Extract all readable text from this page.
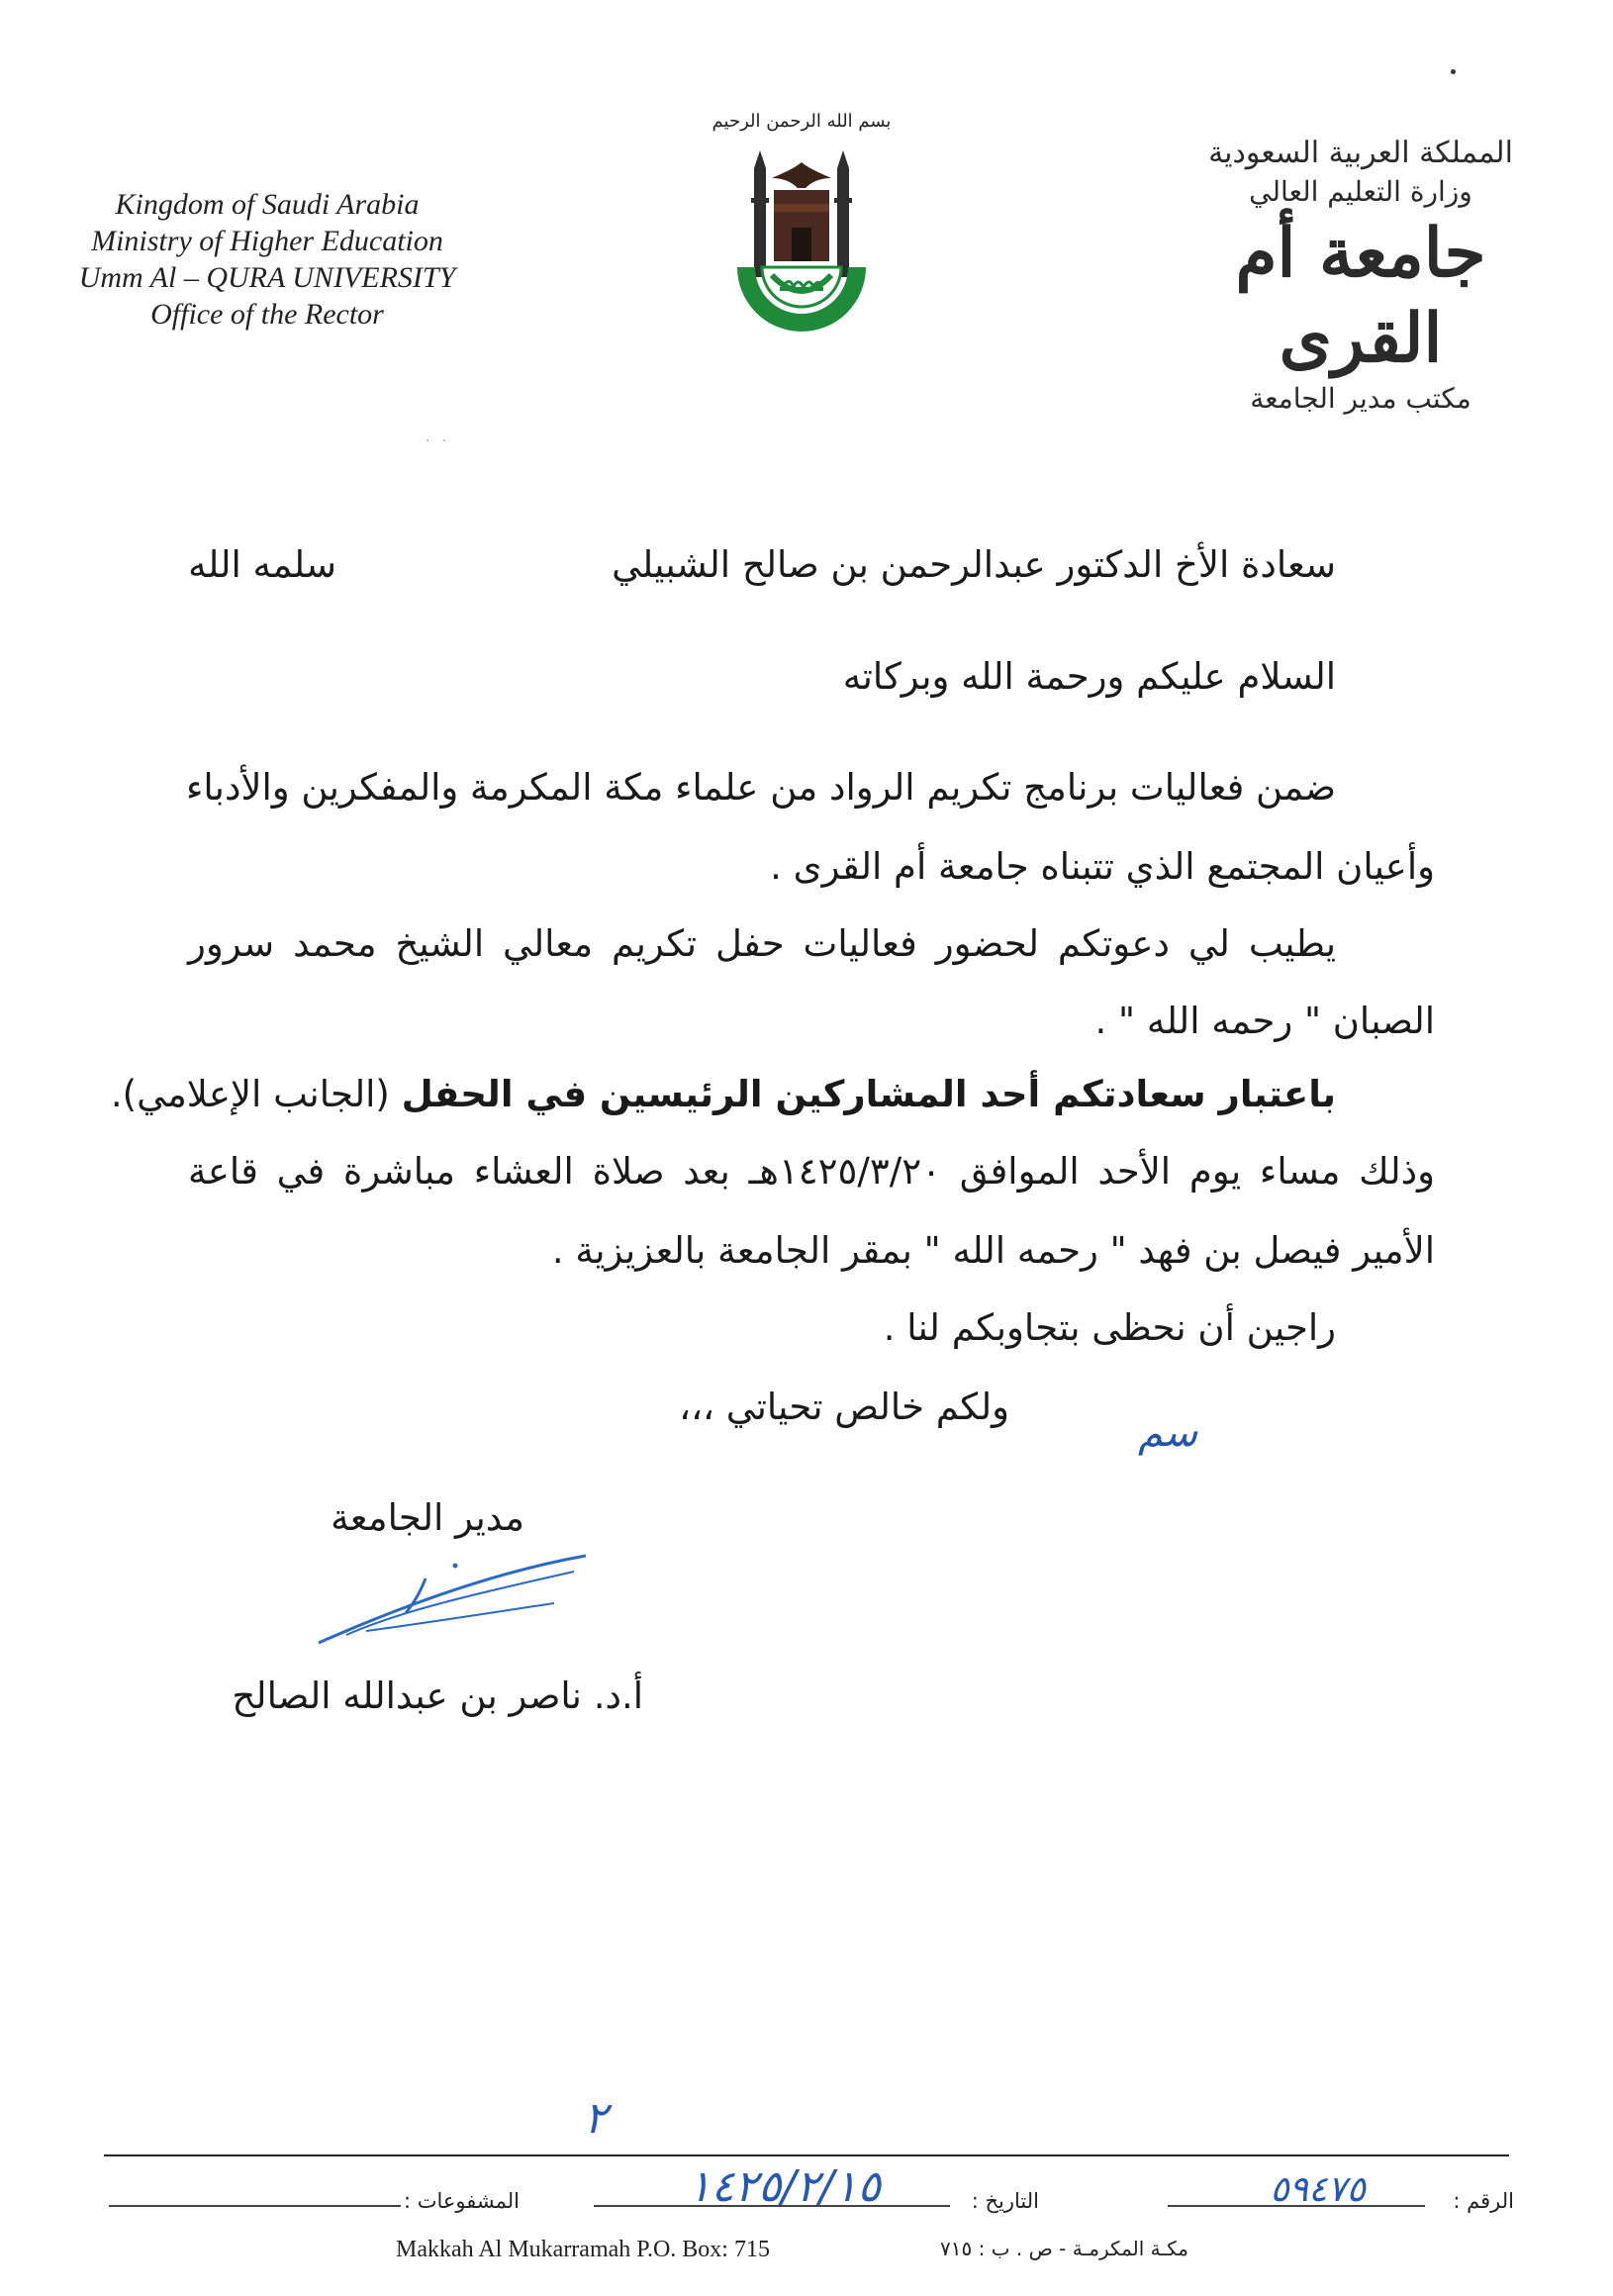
Kingdom of Saudi Arabia
Ministry of Higher Education
Umm Al – QURA UNIVERSITY
Office of the Rector
بسم الله الرحمن الرحيم
المملكة العربية السعودية
وزارة التعليم العالي
جامعة أم القرى
مكتب مدير الجامعة
· ·
سعادة الأخ الدكتور عبدالرحمن بن صالح الشبيلي
سلمه الله
السلام عليكم ورحمة الله وبركاته
ضمن فعاليات برنامج تكريم الرواد من علماء مكة المكرمة والمفكرين والأدباء
وأعيان المجتمع الذي تتبناه جامعة أم القرى .
يطيب لي دعوتكم لحضور فعاليات حفل تكريم معالي الشيخ محمد سرور
الصبان " رحمه الله " .
باعتبار سعادتكم أحد المشاركين الرئيسين في الحفل (الجانب الإعلامي).
وذلك مساء يوم الأحد الموافق ١٤٢٥/٣/٢٠هـ بعد صلاة العشاء مباشرة في قاعة
الأمير فيصل بن فهد " رحمه الله " بمقر الجامعة بالعزيزية .
راجين أن نحظى بتجاوبكم لنا .
ولكم خالص تحياتي ،،،
سم
مدير الجامعة
أ.د. ناصر بن عبدالله الصالح
٢
الرقم :
٥٩٤٧٥
التاريخ :
١٤٢٥/٢/١٥
المشفوعات :
Makkah Al Mukarramah P.O. Box: 715	مكـة المكرمـة - ص . ب : ٧١٥
